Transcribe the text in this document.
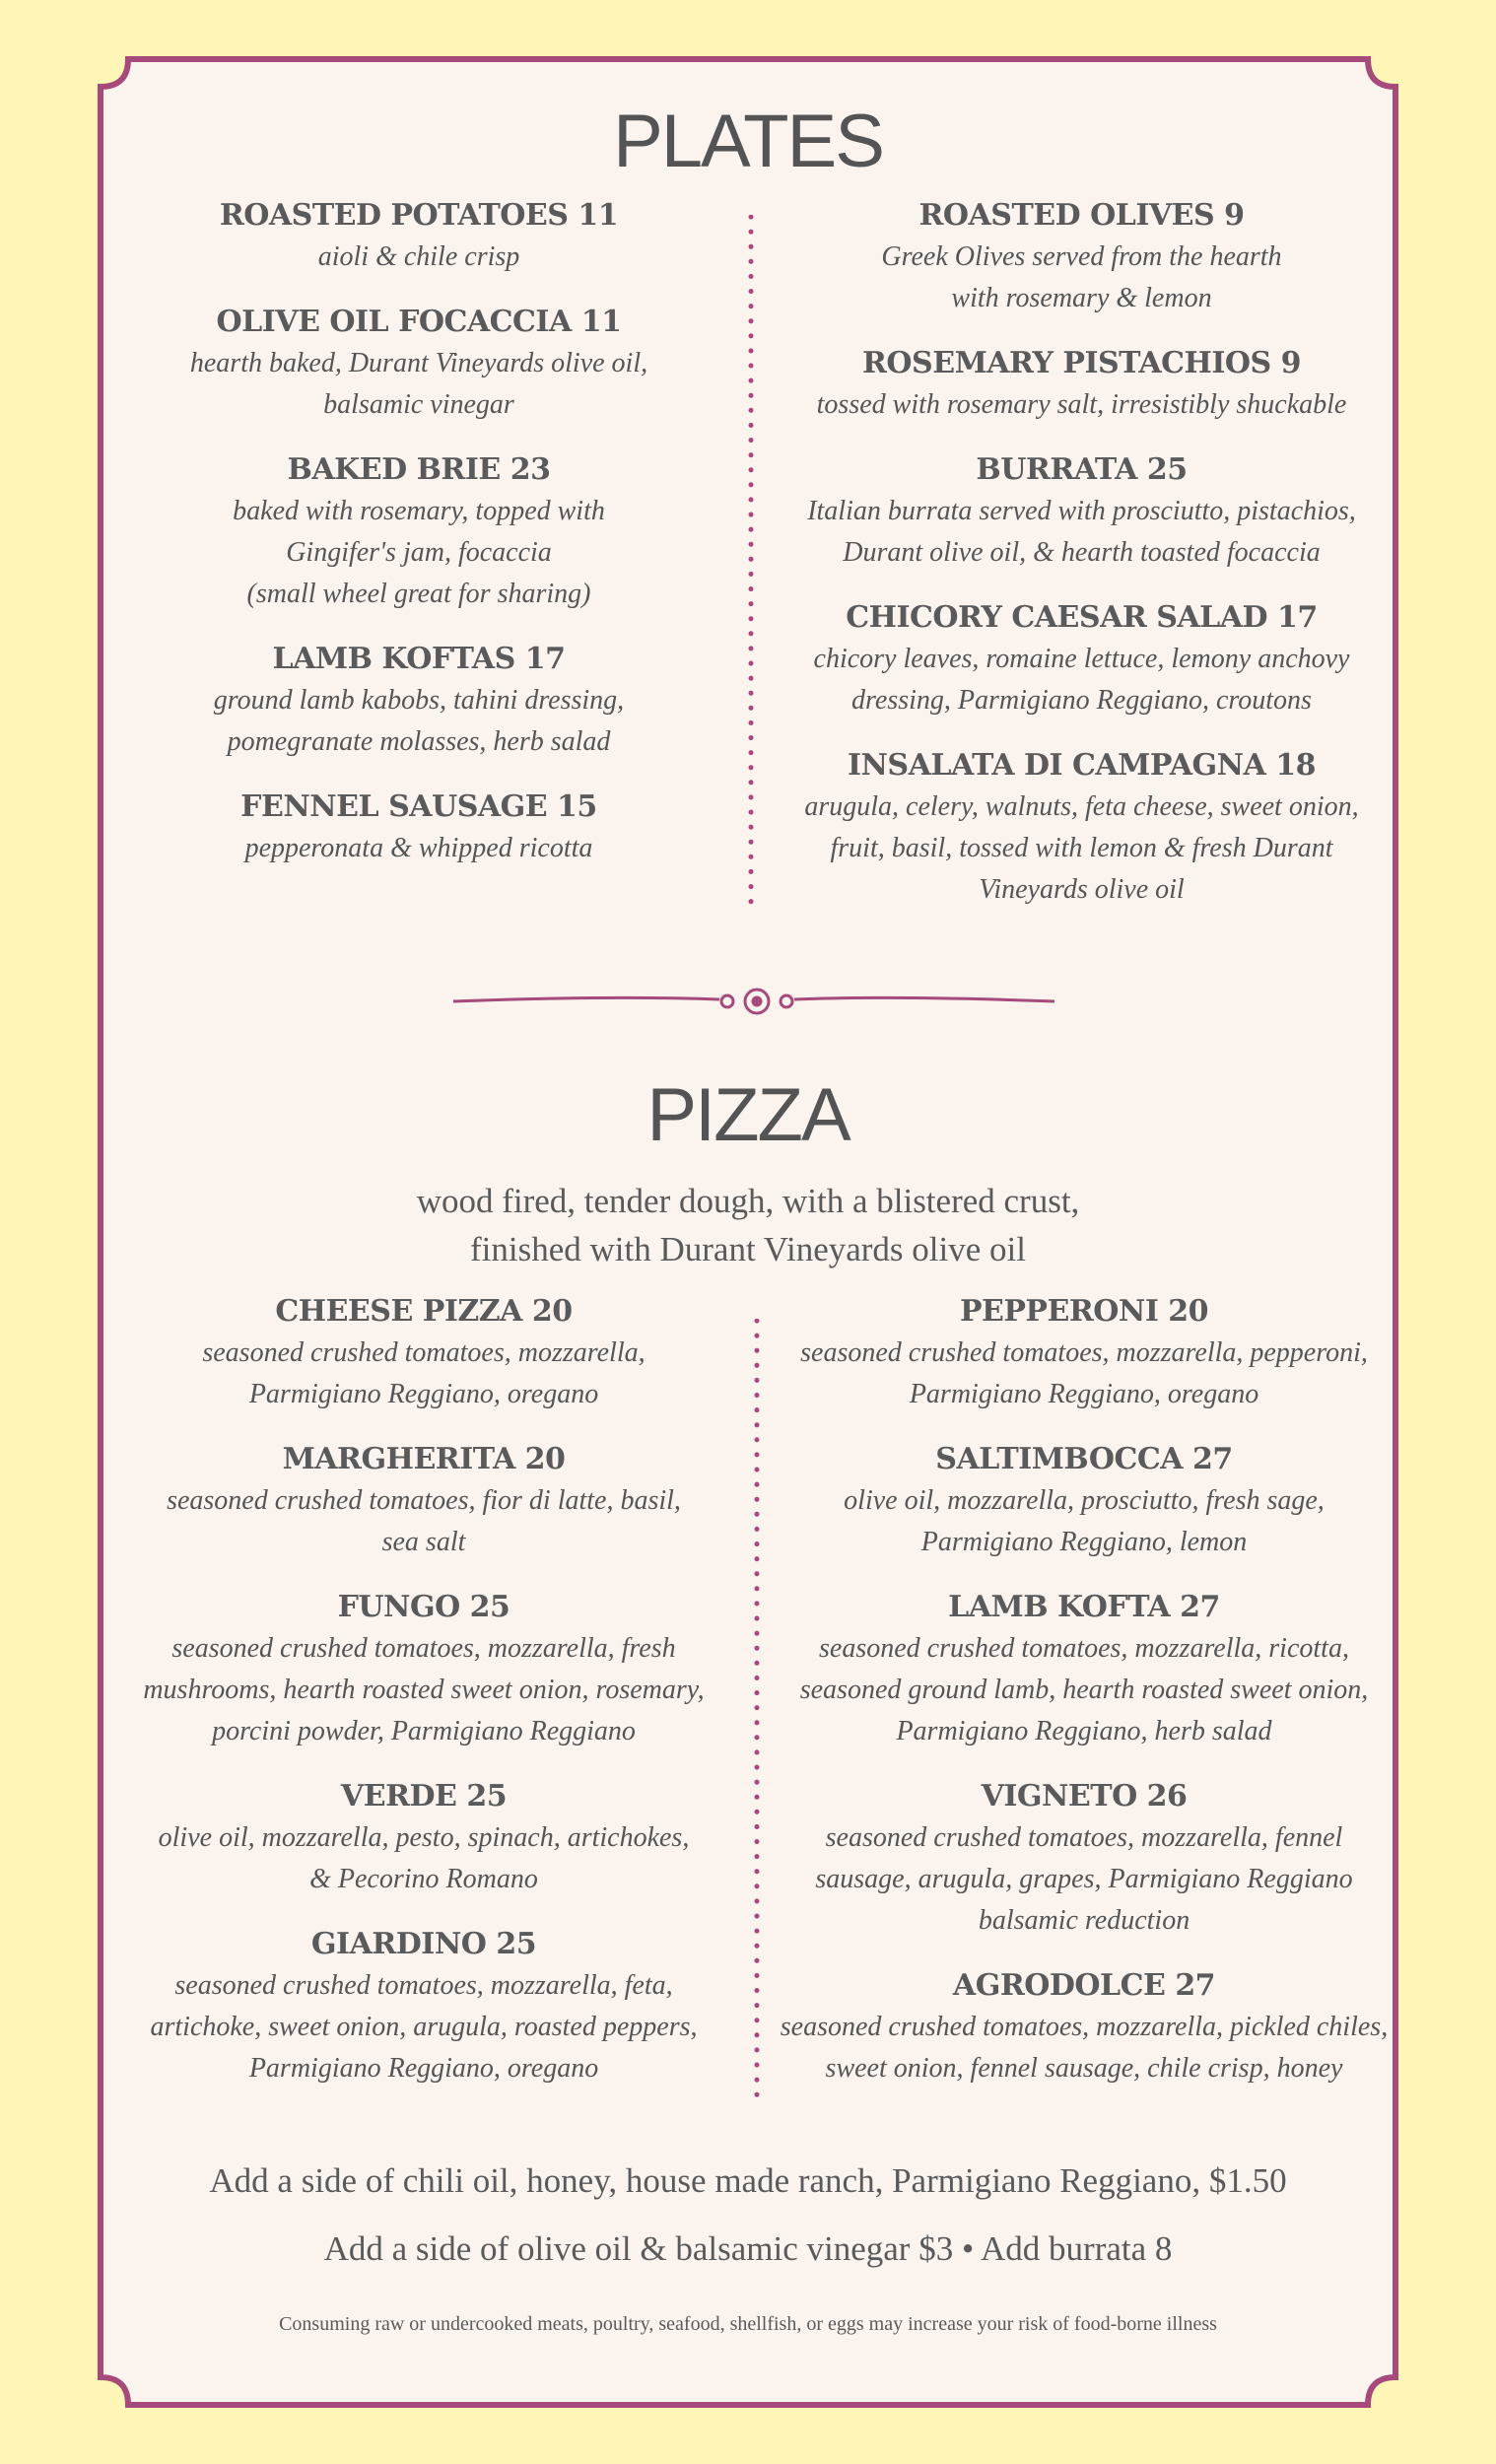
PLATES
ROASTED POTATOES 11
aioli & chile crisp
OLIVE OIL FOCACCIA 11
hearth baked, Durant Vineyards olive oil,
balsamic vinegar
BAKED BRIE 23
baked with rosemary, topped with
Gingifer's jam, focaccia
(small wheel great for sharing)
LAMB KOFTAS 17
ground lamb kabobs, tahini dressing,
pomegranate molasses, herb salad
FENNEL SAUSAGE 15
pepperonata & whipped ricotta
ROASTED OLIVES 9
Greek Olives served from the hearth
with rosemary & lemon
ROSEMARY PISTACHIOS 9
tossed with rosemary salt, irresistibly shuckable
BURRATA 25
Italian burrata served with prosciutto, pistachios,
Durant olive oil, & hearth toasted focaccia
CHICORY CAESAR SALAD 17
chicory leaves, romaine lettuce, lemony anchovy
dressing, Parmigiano Reggiano, croutons
INSALATA DI CAMPAGNA 18
arugula, celery, walnuts, feta cheese, sweet onion,
fruit, basil, tossed with lemon & fresh Durant
Vineyards olive oil
PIZZA
wood fired, tender dough, with a blistered crust,
finished with Durant Vineyards olive oil
CHEESE PIZZA 20
seasoned crushed tomatoes, mozzarella,
Parmigiano Reggiano, oregano
MARGHERITA 20
seasoned crushed tomatoes, fior di latte, basil,
sea salt
FUNGO 25
seasoned crushed tomatoes, mozzarella, fresh
mushrooms, hearth roasted sweet onion, rosemary,
porcini powder, Parmigiano Reggiano
VERDE 25
olive oil, mozzarella, pesto, spinach, artichokes,
& Pecorino Romano
GIARDINO 25
seasoned crushed tomatoes, mozzarella, feta,
artichoke, sweet onion, arugula, roasted peppers,
Parmigiano Reggiano, oregano
PEPPERONI 20
seasoned crushed tomatoes, mozzarella, pepperoni,
Parmigiano Reggiano, oregano
SALTIMBOCCA 27
olive oil, mozzarella, prosciutto, fresh sage,
Parmigiano Reggiano, lemon
LAMB KOFTA 27
seasoned crushed tomatoes, mozzarella, ricotta,
seasoned ground lamb, hearth roasted sweet onion,
Parmigiano Reggiano, herb salad
VIGNETO 26
seasoned crushed tomatoes, mozzarella, fennel
sausage, arugula, grapes, Parmigiano Reggiano
balsamic reduction
AGRODOLCE 27
seasoned crushed tomatoes, mozzarella, pickled chiles,
sweet onion, fennel sausage, chile crisp, honey
Add a side of chili oil, honey, house made ranch, Parmigiano Reggiano, $1.50
Add a side of olive oil & balsamic vinegar $3 • Add burrata 8
Consuming raw or undercooked meats, poultry, seafood, shellfish, or eggs may increase your risk of food-borne illness
